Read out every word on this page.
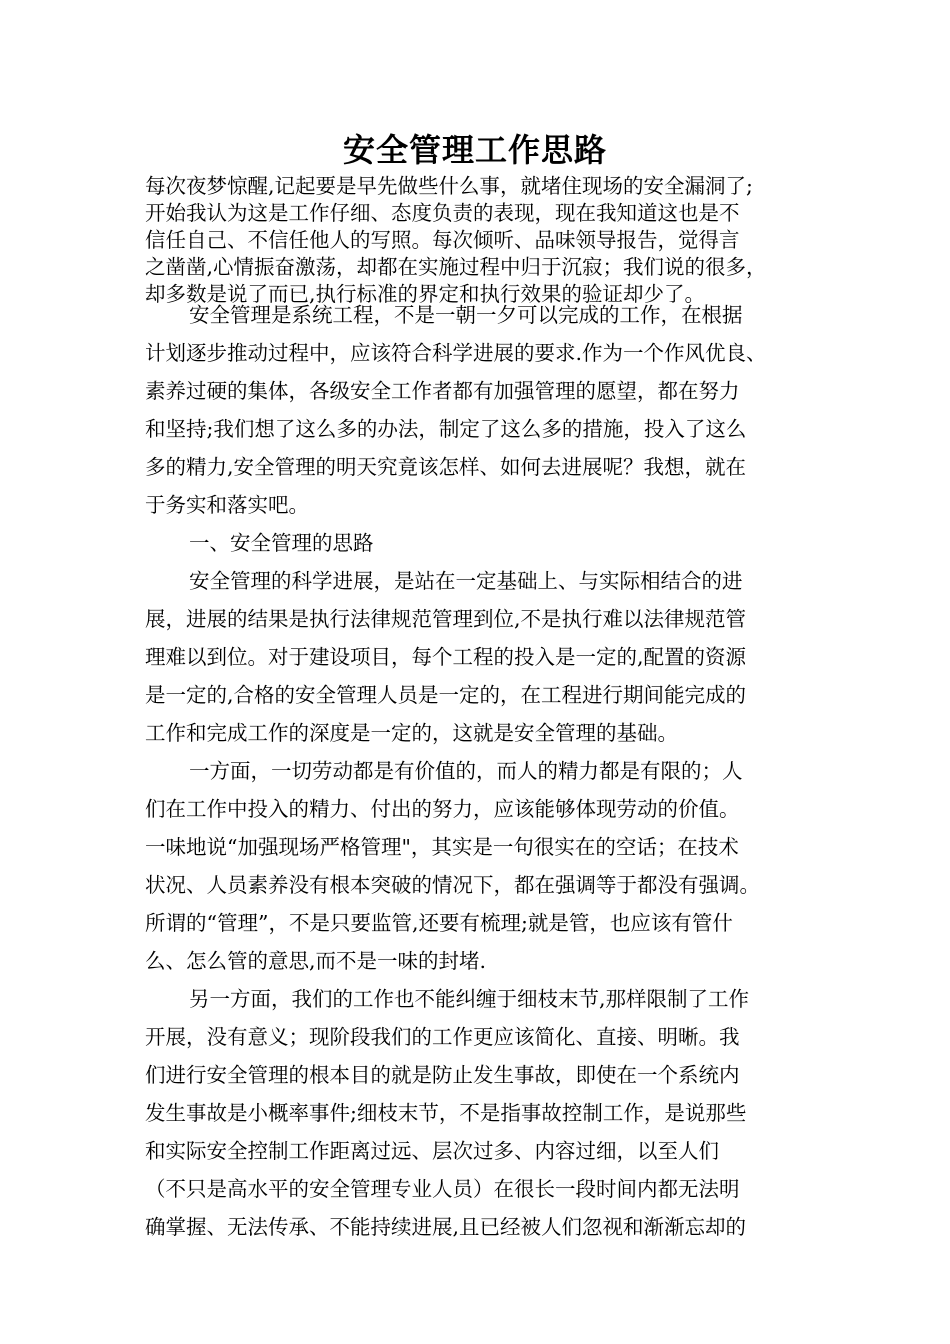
安全管理工作思路
每次夜梦惊醒,记起要是早先做些什么事，就堵住现场的安全漏洞了;
开始我认为这是工作仔细、态度负责的表现，现在我知道这也是不
信任自己、不信任他人的写照。每次倾听、品味领导报告，觉得言
之凿凿,心情振奋激荡，却都在实施过程中归于沉寂；我们说的很多，
却多数是说了而已,执行标准的界定和执行效果的验证却少了。
安全管理是系统工程，不是一朝一夕可以完成的工作，在根据
计划逐步推动过程中，应该符合科学进展的要求.作为一个作风优良、
素养过硬的集体，各级安全工作者都有加强管理的愿望，都在努力
和坚持;我们想了这么多的办法，制定了这么多的措施，投入了这么
多的精力,安全管理的明天究竟该怎样、如何去进展呢？我想，就在
于务实和落实吧。
一、安全管理的思路
安全管理的科学进展，是站在一定基础上、与实际相结合的进
展，进展的结果是执行法律规范管理到位,不是执行难以法律规范管
理难以到位。对于建设项目，每个工程的投入是一定的,配置的资源
是一定的,合格的安全管理人员是一定的，在工程进行期间能完成的
工作和完成工作的深度是一定的，这就是安全管理的基础。
一方面，一切劳动都是有价值的，而人的精力都是有限的；人
们在工作中投入的精力、付出的努力，应该能够体现劳动的价值。
一味地说“加强现场严格管理"，其实是一句很实在的空话；在技术
状况、人员素养没有根本突破的情况下，都在强调等于都没有强调。
所谓的“管理”，不是只要监管,还要有梳理;就是管，也应该有管什
么、怎么管的意思,而不是一味的封堵.
另一方面，我们的工作也不能纠缠于细枝末节,那样限制了工作
开展，没有意义；现阶段我们的工作更应该简化、直接、明晰。我
们进行安全管理的根本目的就是防止发生事故，即使在一个系统内
发生事故是小概率事件;细枝末节，不是指事故控制工作，是说那些
和实际安全控制工作距离过远、层次过多、内容过细，以至人们
（不只是高水平的安全管理专业人员）在很长一段时间内都无法明
确掌握、无法传承、不能持续进展,且已经被人们忽视和渐渐忘却的
